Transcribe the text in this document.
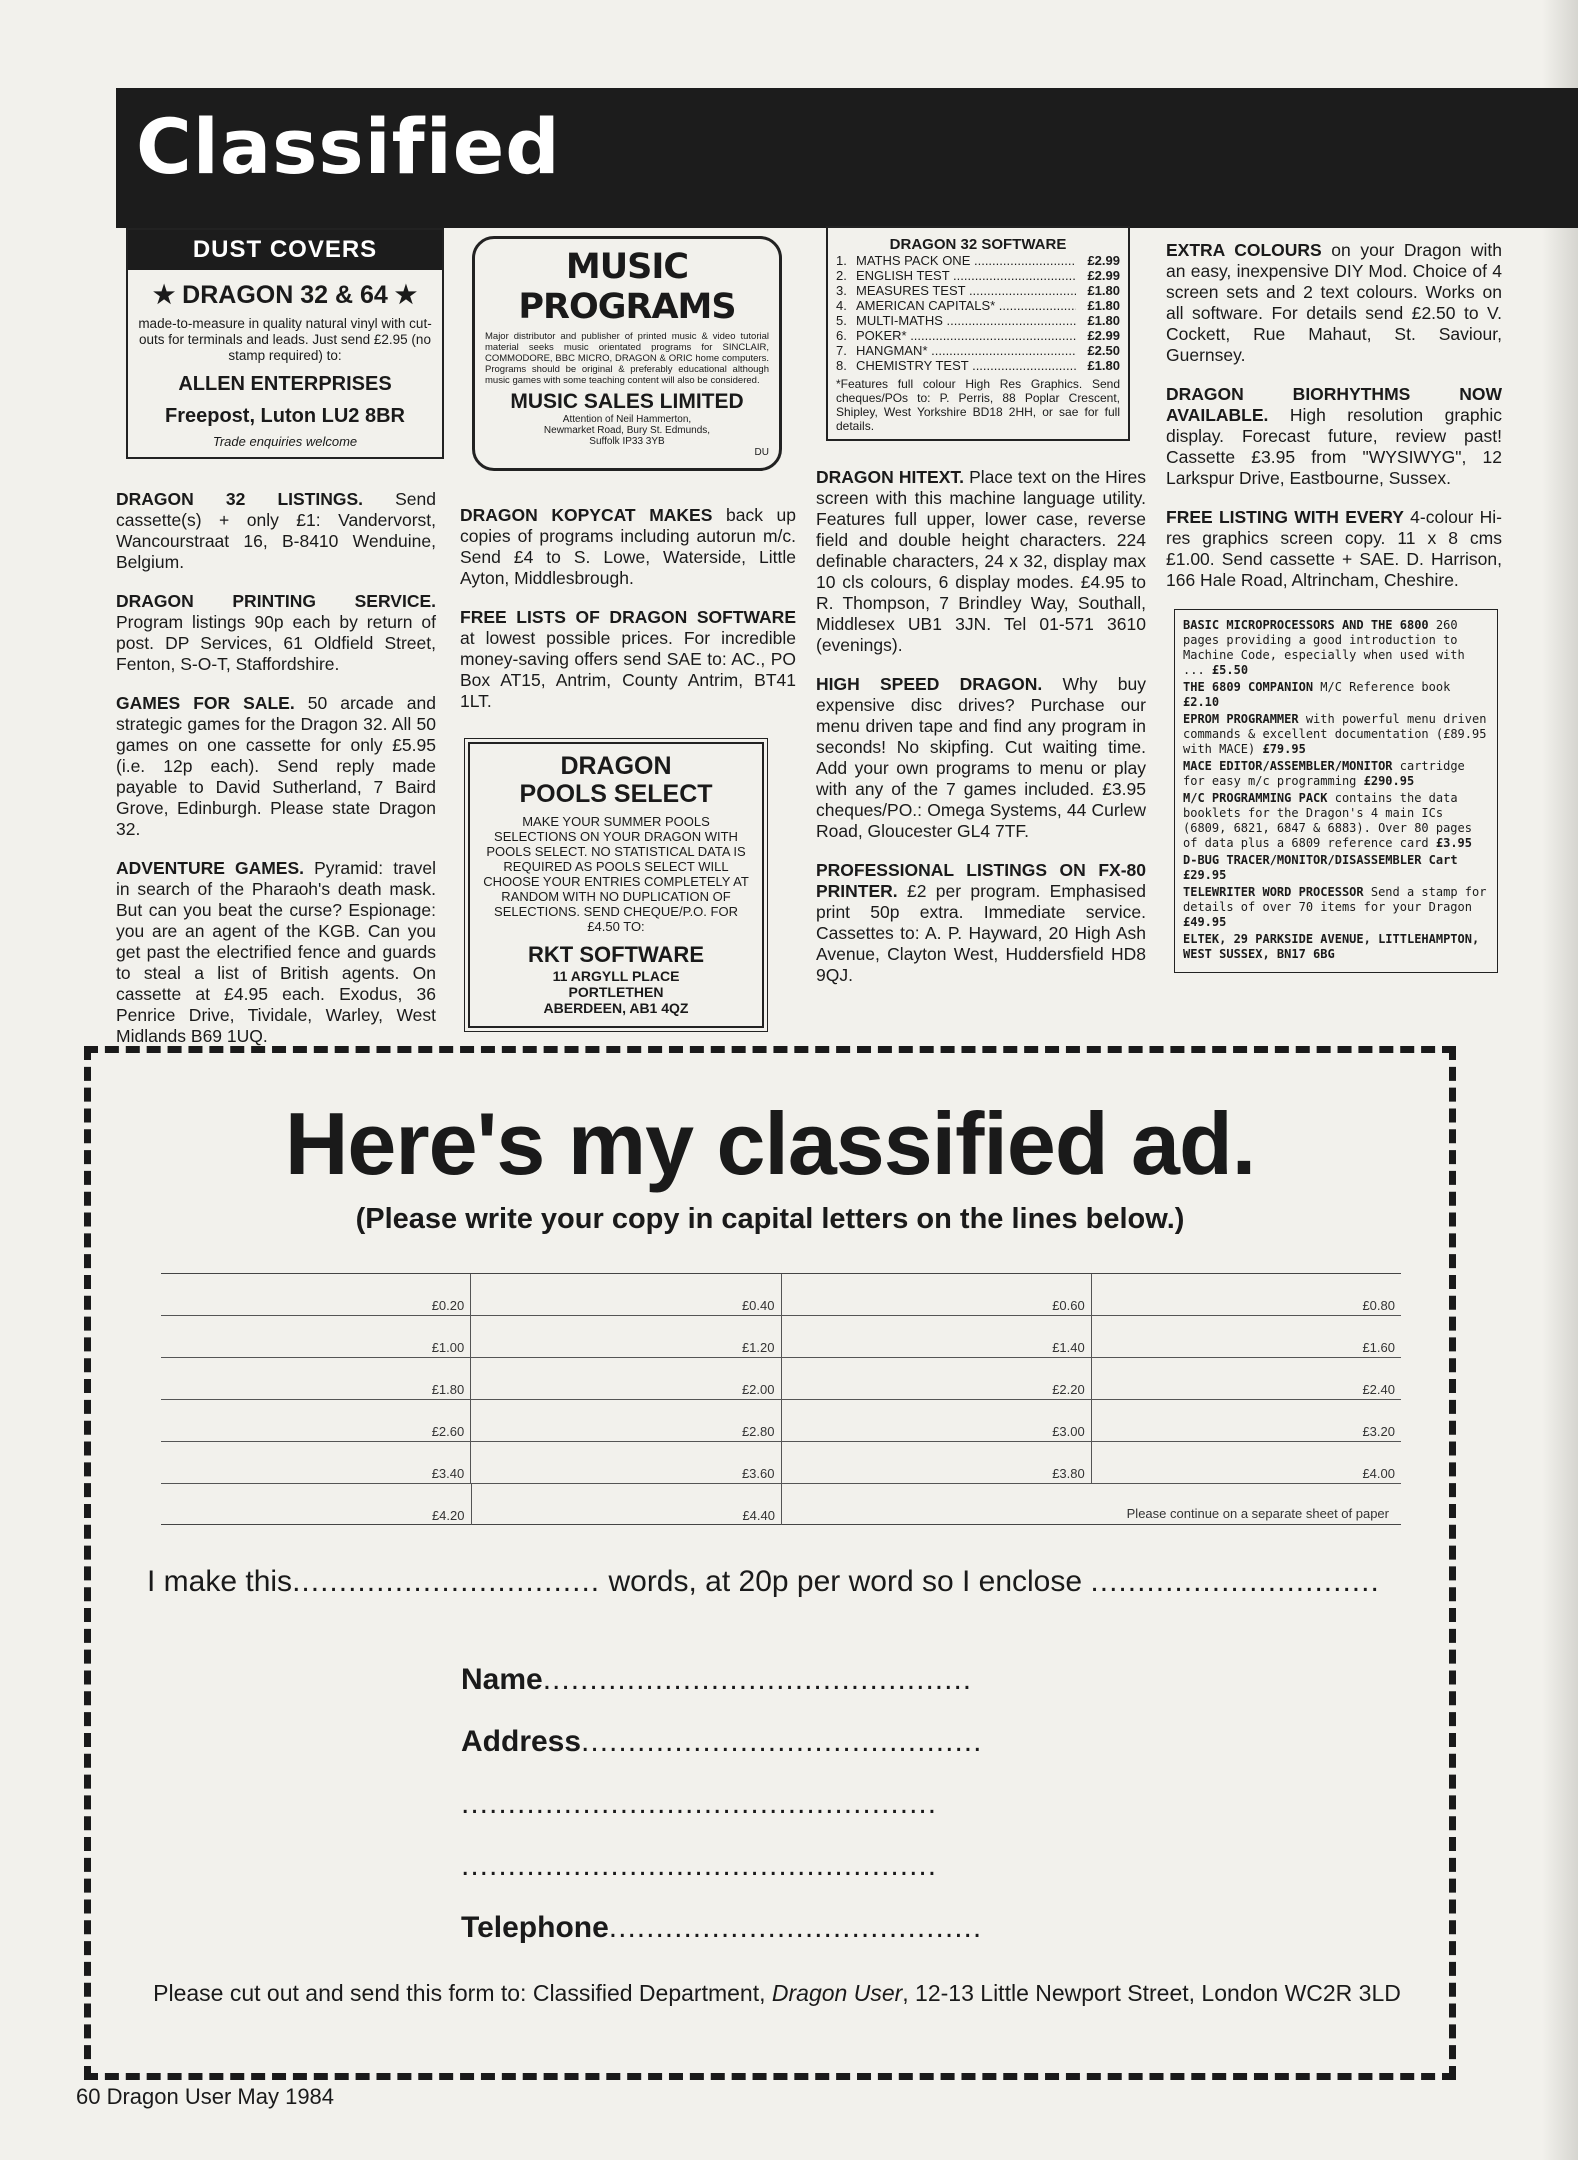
Classified
DUST COVERS
★ DRAGON 32 & 64 ★
made-to-measure in quality natural vinyl with cut-outs for terminals and leads. Just send £2.95 (no stamp required) to:
ALLEN ENTERPRISES
Freepost, Luton LU2 8BR
Trade enquiries welcome
DRAGON 32 LISTINGS. Send cassette(s) + only £1: Vandervorst, Wancourstraat 16, B-8410 Wenduine, Belgium.
DRAGON PRINTING SERVICE. Program listings 90p each by return of post. DP Services, 61 Oldfield Street, Fenton, S-O-T, Staffordshire.
GAMES FOR SALE. 50 arcade and strategic games for the Dragon 32. All 50 games on one cassette for only £5.95 (i.e. 12p each). Send reply made payable to David Sutherland, 7 Baird Grove, Edinburgh. Please state Dragon 32.
ADVENTURE GAMES. Pyramid: travel in search of the Pharaoh's death mask. But can you beat the curse? Espionage: you are an agent of the KGB. Can you get past the electrified fence and guards to steal a list of British agents. On cassette at £4.95 each. Exodus, 36 Penrice Drive, Tividale, Warley, West Midlands B69 1UQ.
MUSIC PROGRAMS
Major distributor and publisher of printed music & video tutorial material seeks music orientated programs for SINCLAIR, COMMODORE, BBC MICRO, DRAGON & ORIC home computers. Programs should be original & preferably educational although music games with some teaching content will also be considered.
MUSIC SALES LIMITED
Attention of Neil Hammerton,
Newmarket Road, Bury St. Edmunds,
Suffolk IP33 3YB
DU
DRAGON KOPYCAT MAKES back up copies of programs including autorun m/c. Send £4 to S. Lowe, Waterside, Little Ayton, Middlesbrough.
FREE LISTS OF DRAGON SOFTWARE at lowest possible prices. For incredible money-saving offers send SAE to: AC., PO Box AT15, Antrim, County Antrim, BT41 1LT.
DRAGON
POOLS SELECT
MAKE YOUR SUMMER POOLS SELECTIONS ON YOUR DRAGON WITH POOLS SELECT. NO STATISTICAL DATA IS REQUIRED AS POOLS SELECT WILL CHOOSE YOUR ENTRIES COMPLETELY AT RANDOM WITH NO DUPLICATION OF SELECTIONS. SEND CHEQUE/P.O. FOR £4.50 TO:
RKT SOFTWARE
11 ARGYLL PLACE
PORTLETHEN
ABERDEEN, AB1 4QZ
DRAGON 32 SOFTWARE
1. MATHS PACK ONE .....	£2.99
2. ENGLISH TEST .....	£2.99
3. MEASURES TEST .....	£1.80
4. AMERICAN CAPITALS* .....	£1.80
5. MULTI-MATHS .....	£1.80
6. POKER* .....	£2.99
7. HANGMAN* .....	£2.50
8. CHEMISTRY TEST .....	£1.80
*Features full colour High Res Graphics. Send cheques/POs to: P. Perris, 88 Poplar Crescent, Shipley, West Yorkshire BD18 2HH, or sae for full details.
DRAGON HITEXT. Place text on the Hires screen with this machine language utility. Features full upper, lower case, reverse field and double height characters. 224 definable characters, 24 x 32, display max 10 cls colours, 6 display modes. £4.95 to R. Thompson, 7 Brindley Way, Southall, Middlesex UB1 3JN. Tel 01-571 3610 (evenings).
HIGH SPEED DRAGON. Why buy expensive disc drives? Purchase our menu driven tape and find any program in seconds! No skipfing. Cut waiting time. Add your own programs to menu or play with any of the 7 games included. £3.95 cheques/PO.: Omega Systems, 44 Curlew Road, Gloucester GL4 7TF.
PROFESSIONAL LISTINGS ON FX-80 PRINTER. £2 per program. Emphasised print 50p extra. Immediate service. Cassettes to: A. P. Hayward, 20 High Ash Avenue, Clayton West, Huddersfield HD8 9QJ.
EXTRA COLOURS on your Dragon with an easy, inexpensive DIY Mod. Choice of 4 screen sets and 2 text colours. Works on all software. For details send £2.50 to V. Cockett, Rue Mahaut, St. Saviour, Guernsey.
DRAGON BIORHYTHMS NOW AVAILABLE. High resolution graphic display. Forecast future, review past! Cassette £3.95 from "WYSIWYG", 12 Larkspur Drive, Eastbourne, Sussex.
FREE LISTING WITH EVERY 4-colour Hi-res graphics screen copy. 11 x 8 cms £1.00. Send cassette + SAE. D. Harrison, 166 Hale Road, Altrincham, Cheshire.
BASIC MICROPROCESSORS AND THE 6800 260 pages providing a good introduction to Machine Code, especially when used with ... £5.50
THE 6809 COMPANION M/C Reference book £2.10
EPROM PROGRAMMER with powerful menu driven commands & excellent documentation (£89.95 with MACE) £79.95
MACE EDITOR/ASSEMBLER/MONITOR cartridge for easy m/c programming £290.95
M/C PROGRAMMING PACK contains the data booklets for the Dragon's 4 main ICs (6809, 6821, 6847 & 6883). Over 80 pages of data plus a 6809 reference card £3.95
D-BUG TRACER/MONITOR/DISASSEMBLER Cart £29.95
TELEWRITER WORD PROCESSOR Send a stamp for details of over 70 items for your Dragon £49.95
ELTEK, 29 PARKSIDE AVENUE, LITTLEHAMPTON, WEST SUSSEX, BN17 6BG
Here's my classified ad.
(Please write your copy in capital letters on the lines below.)
£0.20	£0.40	£0.60	£0.80
£1.00	£1.20	£1.40	£1.60
£1.80	£2.00	£2.20	£2.40
£2.60	£2.80	£3.00	£3.20
£3.40	£3.60	£3.80	£4.00
£4.20	£4.40	Please continue on a separate sheet of paper
I make this................................. words, at 20p per word so I enclose ...............................
Name..............................................
Address...........................................
...................................................
...................................................
Telephone........................................
Please cut out and send this form to: Classified Department, Dragon User, 12-13 Little Newport Street, London WC2R 3LD
60 Dragon User May 1984
